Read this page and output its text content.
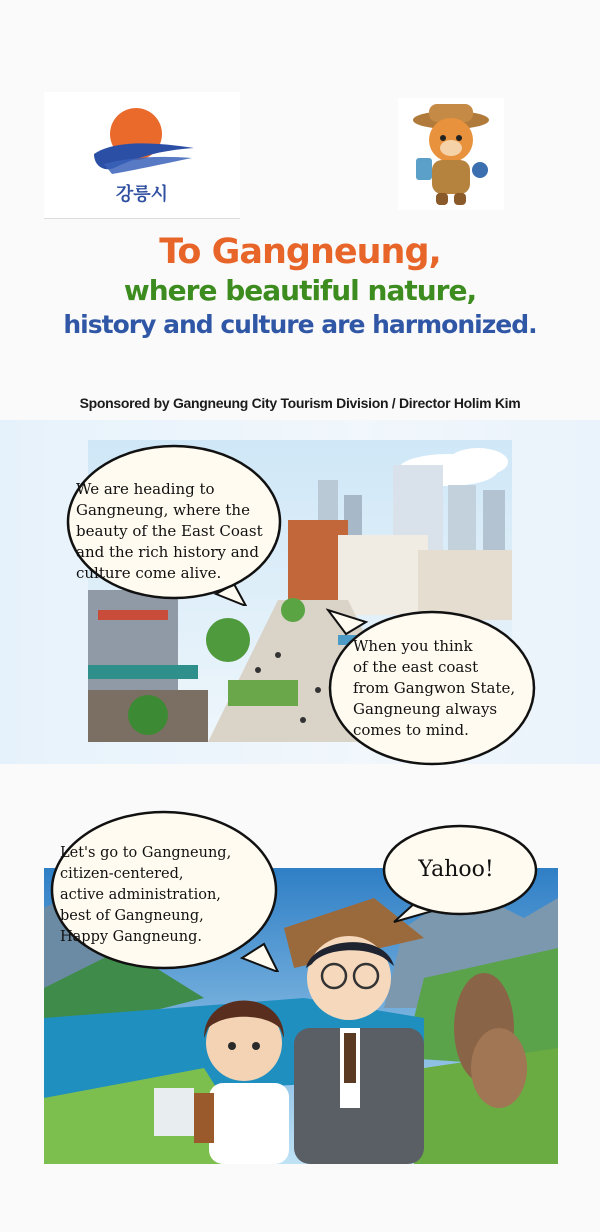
강릉시
To Gangneung,
where beautiful nature,
history and culture are harmonized.
Sponsored by Gangneung City Tourism Division / Director Holim Kim
We are heading to
Gangneung, where the
beauty of the East Coast
and the rich history and
culture come alive.
When you think
of the east coast
from Gangwon State,
Gangneung always
comes to mind.
Let's go to Gangneung,
citizen-centered,
active administration,
best of Gangneung,
Happy Gangneung.
Yahoo!
